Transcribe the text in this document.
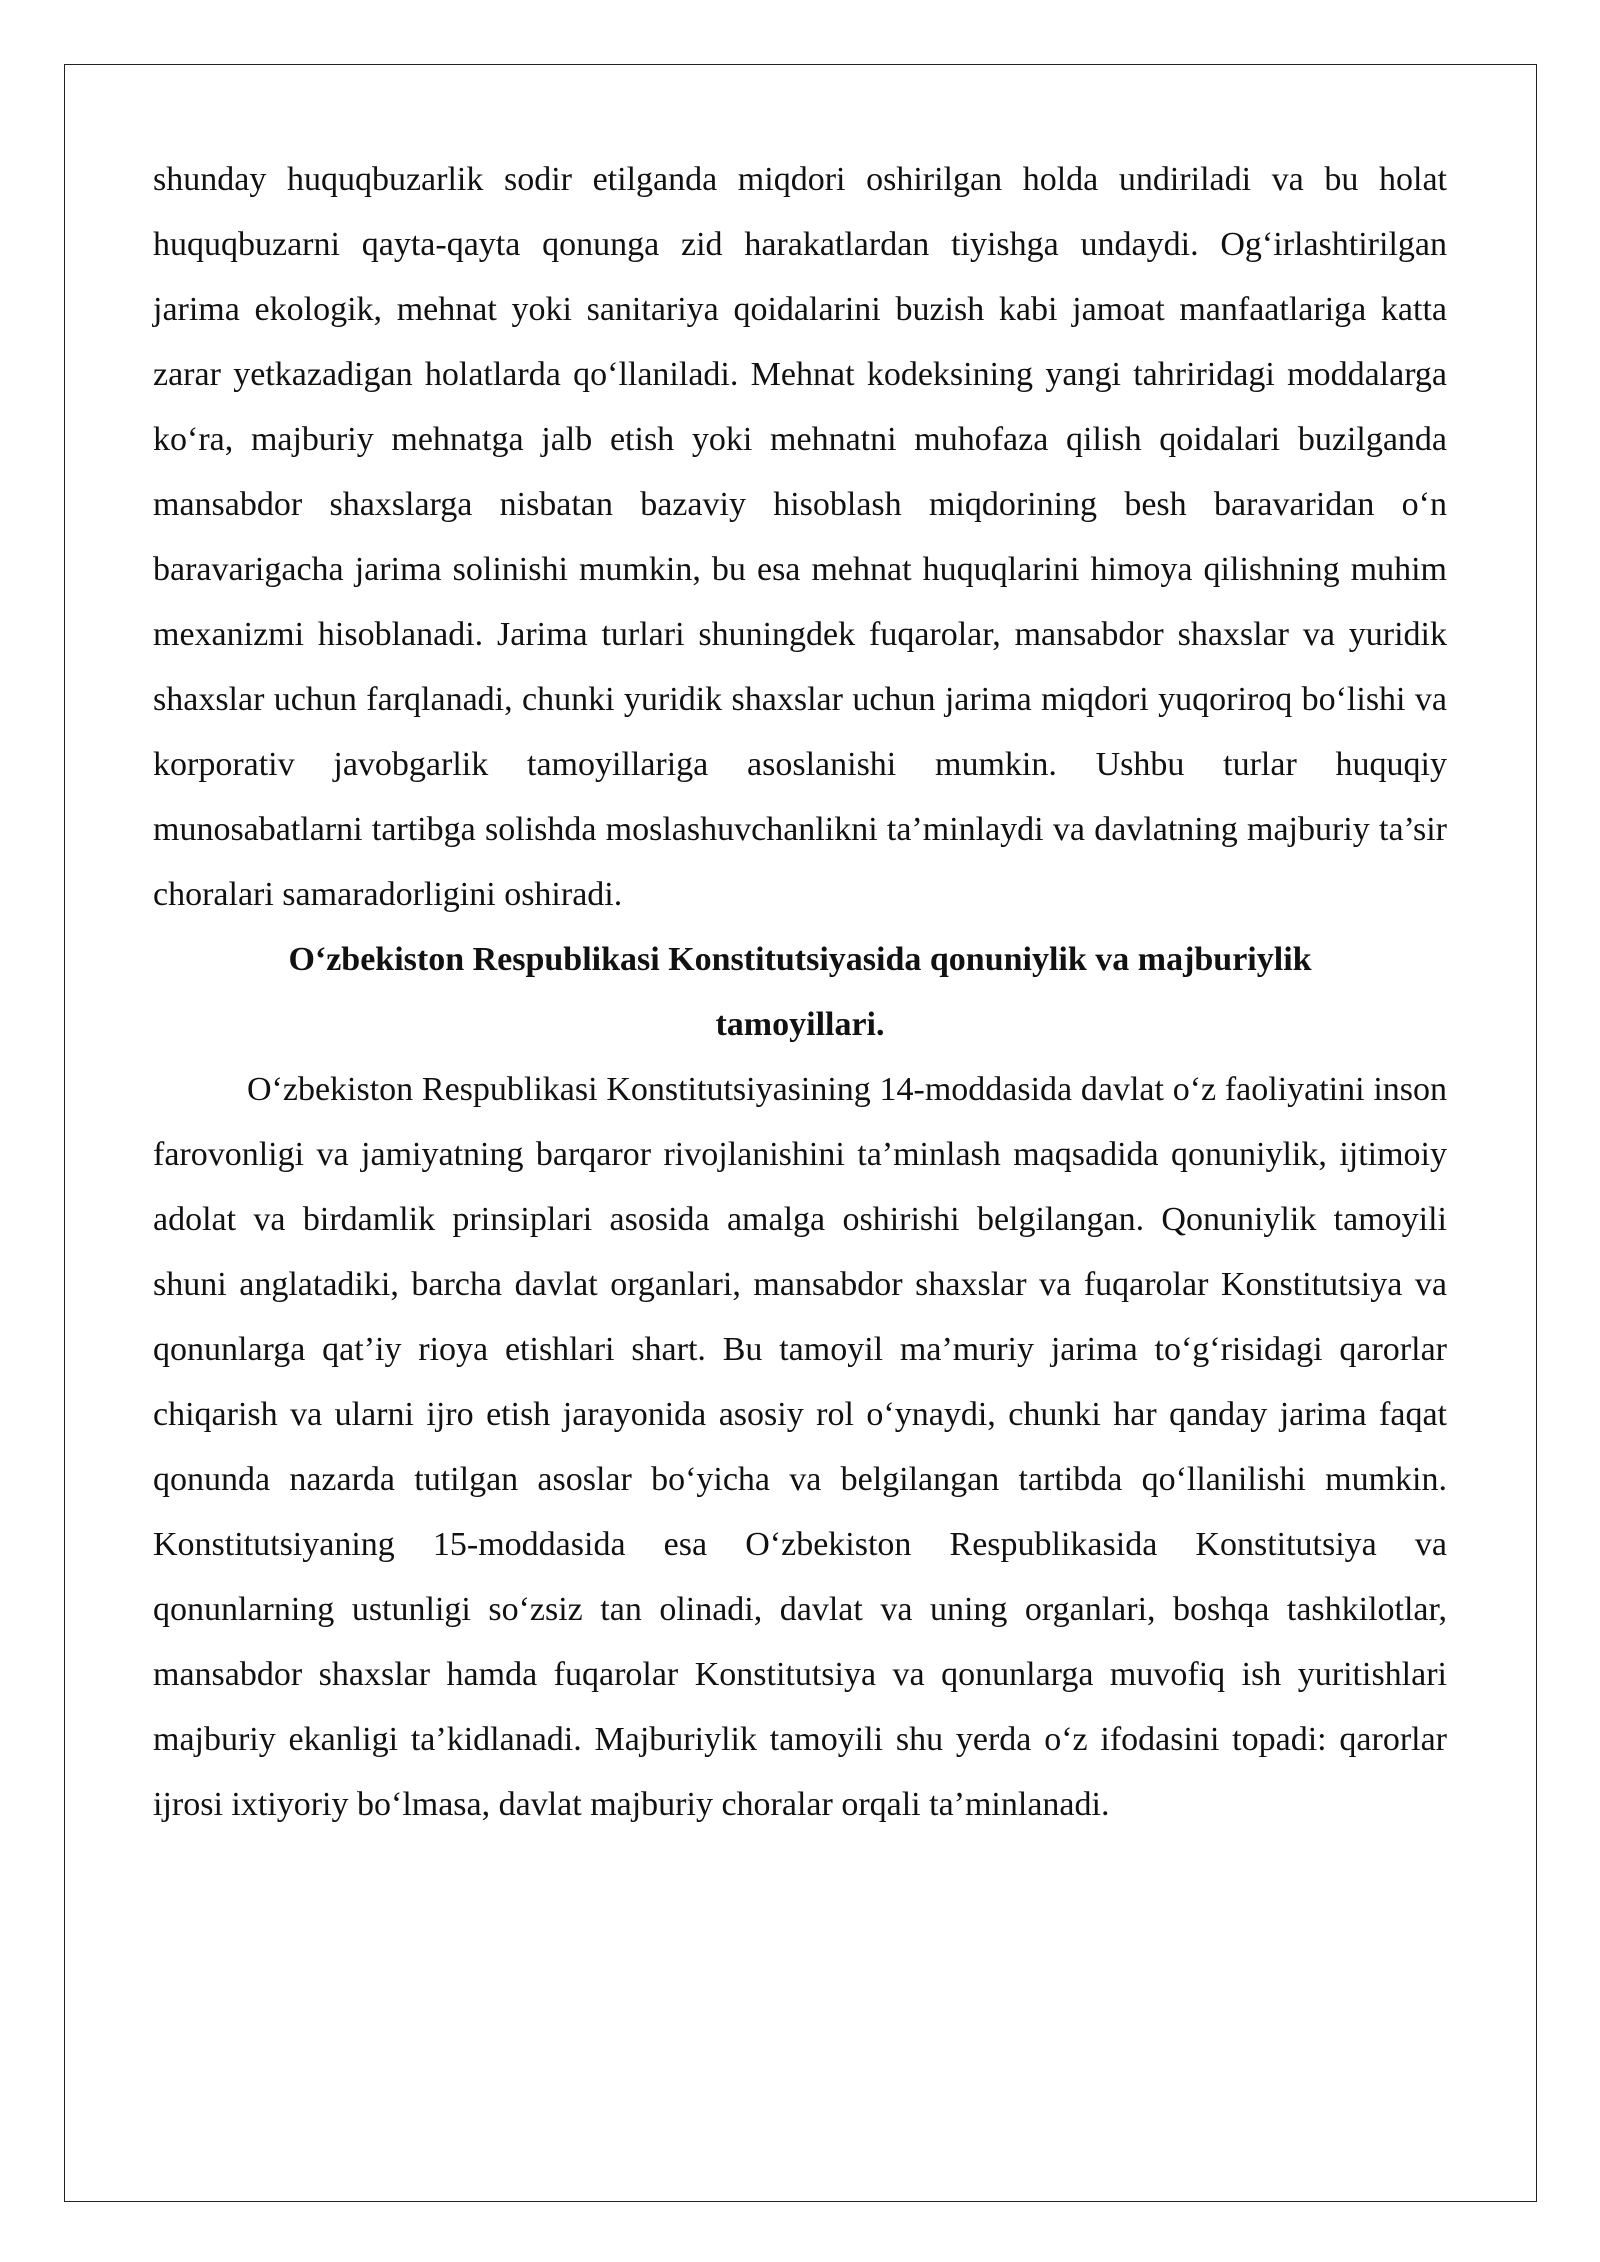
shunday huquqbuzarlik sodir etilganda miqdori oshirilgan holda undiriladi va bu holat huquqbuzarni qayta-qayta qonunga zid harakatlardan tiyishga undaydi. Og‘irlashtirilgan jarima ekologik, mehnat yoki sanitariya qoidalarini buzish kabi jamoat manfaatlariga katta zarar yetkazadigan holatlarda qo‘llaniladi. Mehnat kodeksining yangi tahriridagi moddalarga ko‘ra, majburiy mehnatga jalb etish yoki mehnatni muhofaza qilish qoidalari buzilganda mansabdor shaxslarga nisbatan bazaviy hisoblash miqdorining besh baravaridan o‘n baravarigacha jarima solinishi mumkin, bu esa mehnat huquqlarini himoya qilishning muhim mexanizmi hisoblanadi. Jarima turlari shuningdek fuqarolar, mansabdor shaxslar va yuridik shaxslar uchun farqlanadi, chunki yuridik shaxslar uchun jarima miqdori yuqoriroq bo‘lishi va korporativ javobgarlik tamoyillariga asoslanishi mumkin. Ushbu turlar huquqiy munosabatlarni tartibga solishda moslashuvchanlikni ta’minlaydi va davlatning majburiy ta’sir choralari samaradorligini oshiradi.

O‘zbekiston Respublikasi Konstitutsiyasida qonuniylik va majburiylik

tamoyillari.

O‘zbekiston Respublikasi Konstitutsiyasining 14-moddasida davlat o‘z faoliyatini inson farovonligi va jamiyatning barqaror rivojlanishini ta’minlash maqsadida qonuniylik, ijtimoiy adolat va birdamlik prinsiplari asosida amalga oshirishi belgilangan. Qonuniylik tamoyili shuni anglatadiki, barcha davlat organlari, mansabdor shaxslar va fuqarolar Konstitutsiya va qonunlarga qat’iy rioya etishlari shart. Bu tamoyil ma’muriy jarima to‘g‘risidagi qarorlar chiqarish va ularni ijro etish jarayonida asosiy rol o‘ynaydi, chunki har qanday jarima faqat qonunda nazarda tutilgan asoslar bo‘yicha va belgilangan tartibda qo‘llanilishi mumkin. Konstitutsiyaning 15-moddasida esa O‘zbekiston Respublikasida Konstitutsiya va qonunlarning ustunligi so‘zsiz tan olinadi, davlat va uning organlari, boshqa tashkilotlar, mansabdor shaxslar hamda fuqarolar Konstitutsiya va qonunlarga muvofiq ish yuritishlari majburiy ekanligi ta’kidlanadi. Majburiylik tamoyili shu yerda o‘z ifodasini topadi: qarorlar ijrosi ixtiyoriy bo‘lmasa, davlat majburiy choralar orqali ta’minlanadi.
